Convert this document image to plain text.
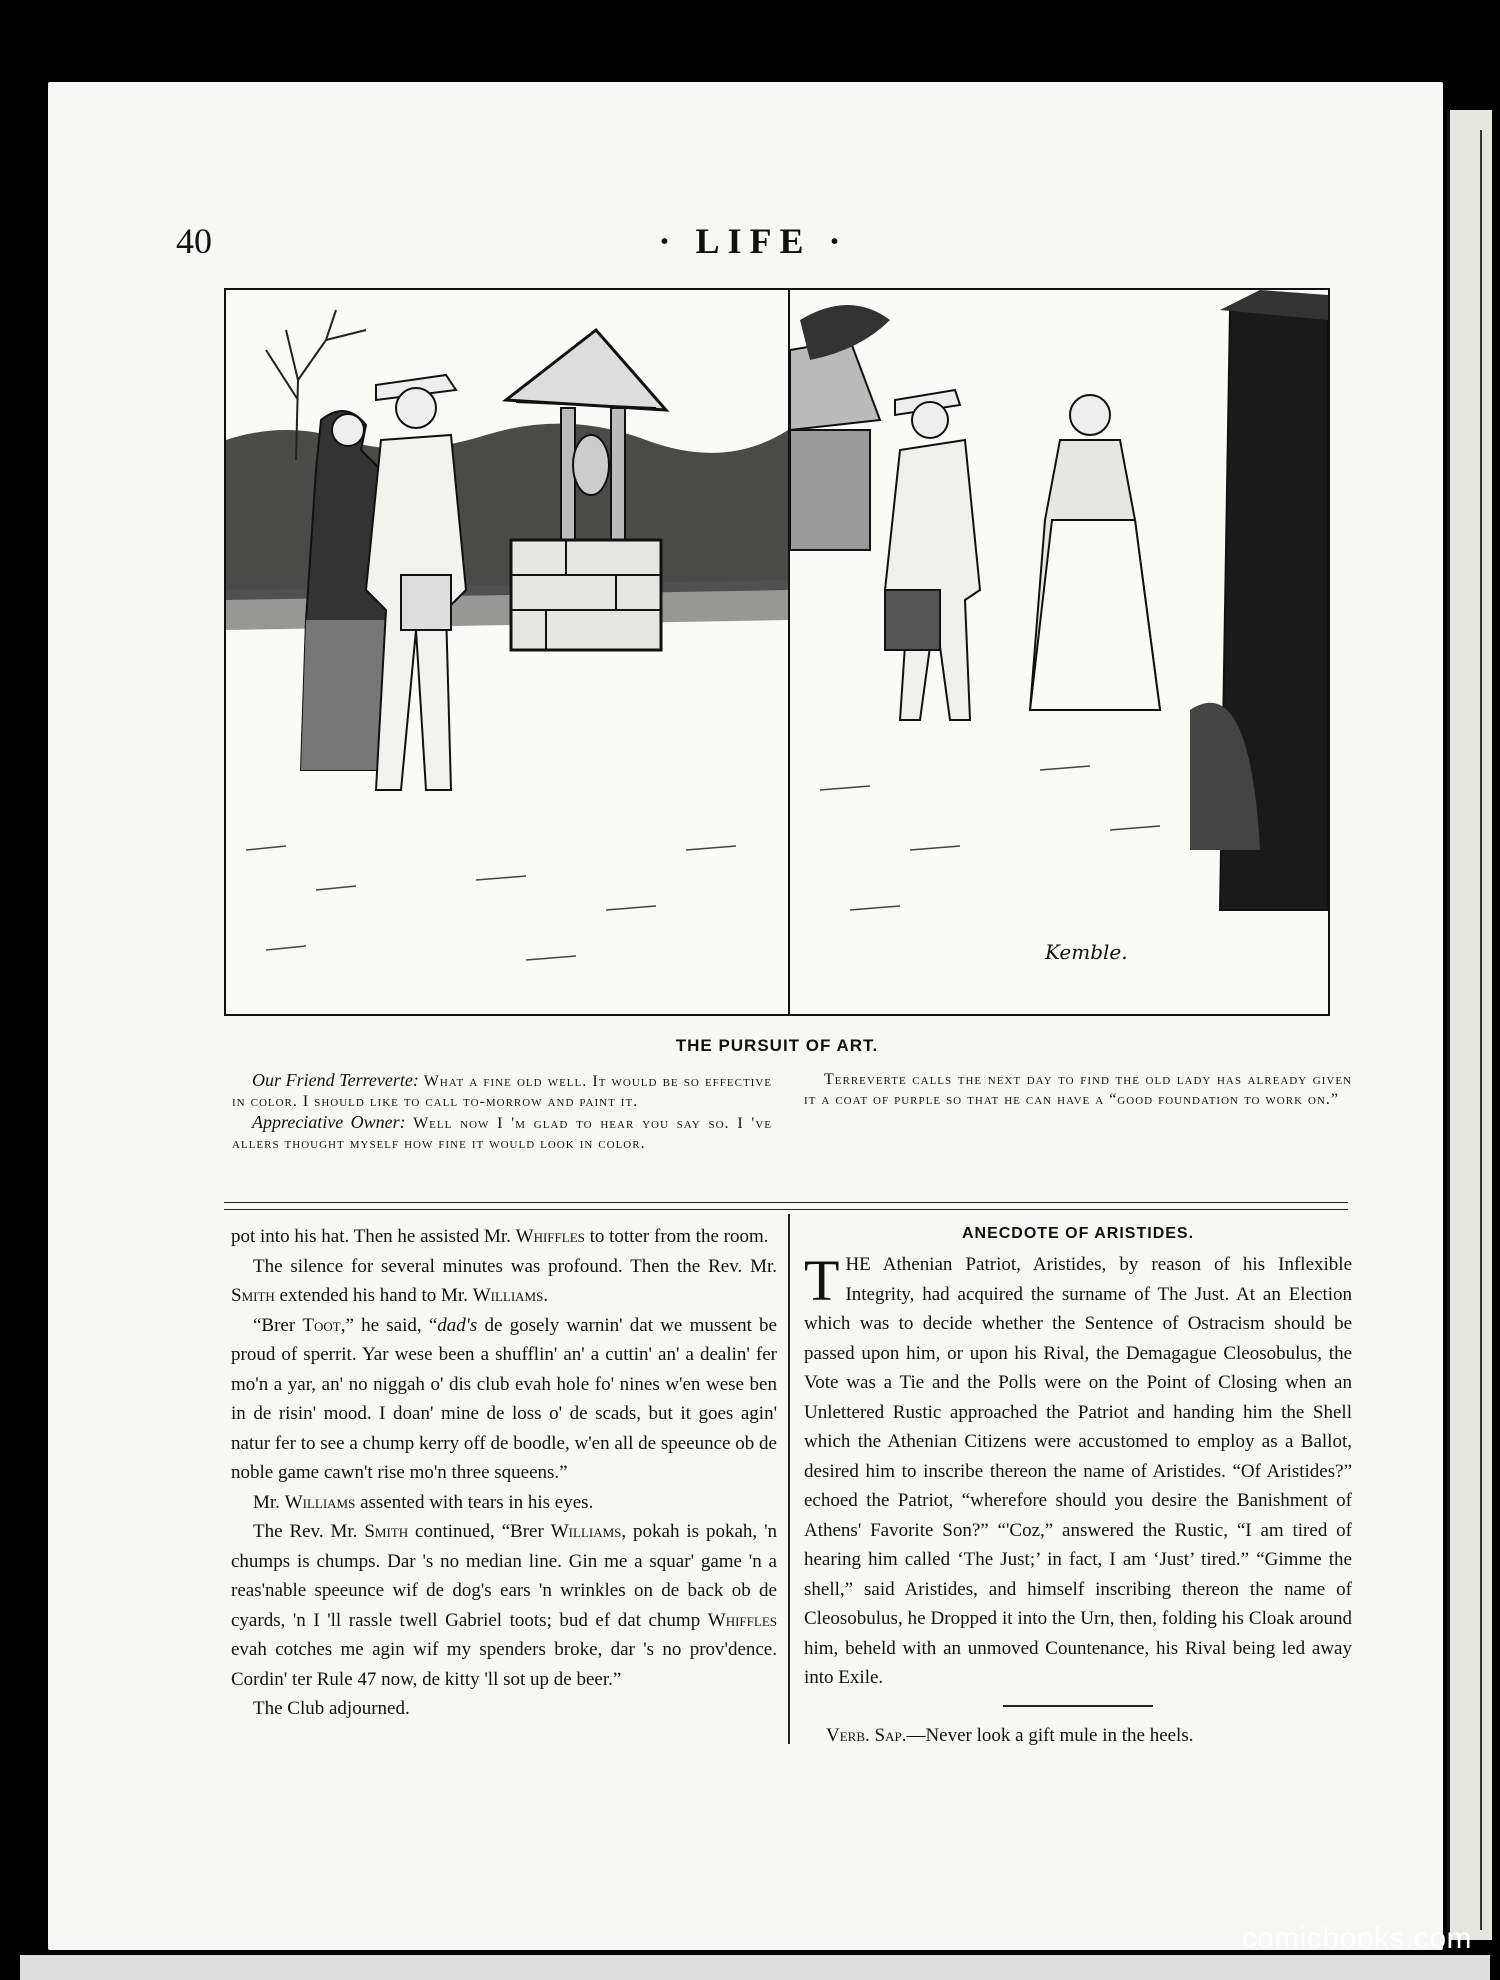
· LIFE ·
40
Kemble.
THE PURSUIT OF ART.

Our Friend Terreverte: What a fine old well. It would be so effective in color. I should like to call to-morrow and paint it.

Appreciative Owner: Well now I 'm glad to hear you say so. I 've allers thought myself how fine it would look in color.

Terreverte calls the next day to find the old lady has already given it a coat of purple so that he can have a “good foundation to work on.”

pot into his hat. Then he assisted Mr. Whiffles to totter from the room.

The silence for several minutes was profound. Then the Rev. Mr. Smith extended his hand to Mr. Williams.

“Brer Toot,” he said, “dad's de gosely warnin' dat we mussent be proud of sperrit. Yar wese been a shufflin' an' a cuttin' an' a dealin' fer mo'n a yar, an' no niggah o' dis club evah hole fo' nines w'en wese ben in de risin' mood. I doan' mine de loss o' de scads, but it goes agin' natur fer to see a chump kerry off de boodle, w'en all de speeunce ob de noble game cawn't rise mo'n three squeens.”

Mr. Williams assented with tears in his eyes.

The Rev. Mr. Smith continued, “Brer Williams, pokah is pokah, 'n chumps is chumps. Dar 's no median line. Gin me a squar' game 'n a reas'nable speeunce wif de dog's ears 'n wrinkles on de back ob de cyards, 'n I 'll rassle twell Gabriel toots; bud ef dat chump Whiffles evah cotches me agin wif my spenders broke, dar 's no prov'dence. Cordin' ter Rule 47 now, de kitty 'll sot up de beer.”

The Club adjourned.

ANECDOTE OF ARISTIDES.

THE Athenian Patriot, Aristides, by reason of his Inflexible Integrity, had acquired the surname of The Just. At an Election which was to decide whether the Sentence of Ostracism should be passed upon him, or upon his Rival, the Demagague Cleosobulus, the Vote was a Tie and the Polls were on the Point of Closing when an Unlettered Rustic approached the Patriot and handing him the Shell which the Athenian Citizens were accustomed to employ as a Ballot, desired him to inscribe thereon the name of Aristides. “Of Aristides?” echoed the Patriot, “wherefore should you desire the Banishment of Athens' Favorite Son?” “'Coz,” answered the Rustic, “I am tired of hearing him called ‘The Just;’ in fact, I am ‘Just’ tired.” “Gimme the shell,” said Aristides, and himself inscribing thereon the name of Cleosobulus, he Dropped it into the Urn, then, folding his Cloak around him, beheld with an unmoved Countenance, his Rival being led away into Exile.

Verb. Sap.—Never look a gift mule in the heels.

comicbooks.com
